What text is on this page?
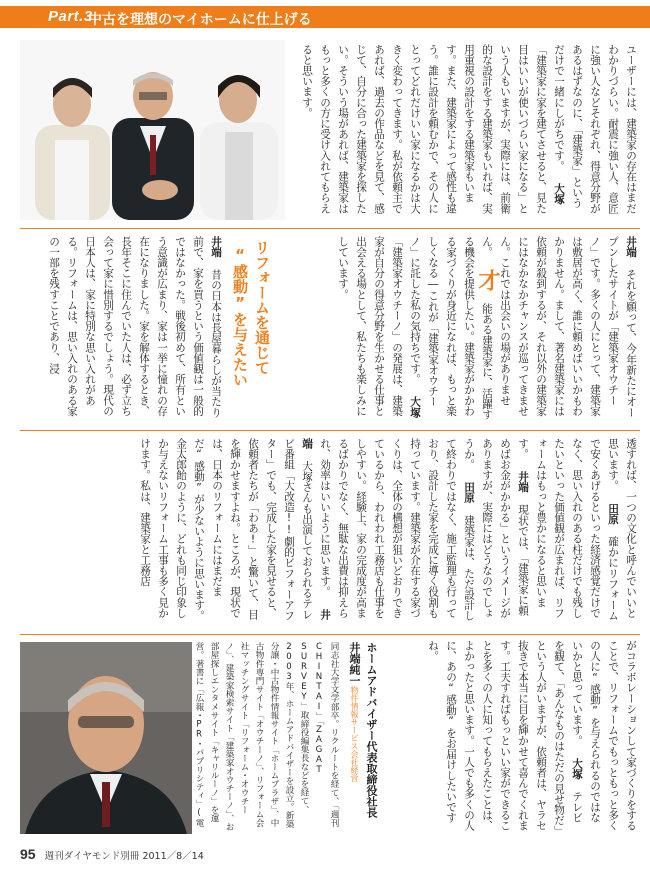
Part.3
中古を理想のマイホームに仕上げる
ユーザーには、建築家の存在はまだわかりづらい。耐震に強い人、意匠に強い人などそれぞれ、得意分野があるはずなのに、「建築家」というだけで一緒にしがちです。 大塚 「建築家に家を建てさせると、見た目はいいが使いづらい家になる」という人もいますが、実際には、前衛的な設計をする建築家もいれば、実用重視の設計をする建築家もいます。また、建築家によって感性も違う。誰に設計を頼むかで、その人にとってどれだけいい家になるかは大きく変わってきます。私が依頼主であれば、過去の作品などを見て、感じて、自分に合った建築家を探したい。そういう場があれば、建築家はもっと多くの方に受け入れてもらえると思います。
井端 それを願って、今年新たにオープンしたサイトが「建築家オウチーノ」です。多くの人にとって、建築家は敷居が高く、誰に頼めばいいかもわかりません。まして、著名建築家には依頼が殺到するが、それ以外の建築家にはなかなかチャンスが巡ってきません。これでは出会いの場がありません。 才 能ある建築家に、活躍する機会を提供したい。建築家がかかわる家づくりが身近になれば、もっと楽しくなる―これが「建築家オウチーノ」に託した私の気持ちです。 大塚 「建築家オウチーノ」の発展は、建築家が自分の得意分野を生かせる仕事と出会える場として、私たちも楽しみにしています。
リフォームを通じて
“感動”を与えたい
井端 昔の日本は長屋暮らしが当たり前で、家を買うという価値観は一般的ではなかった。戦後初めて、所有という意識が広まり、家は一挙に憧れの存在になりました。家を解体するとき、長年そこに住んでいた人は、必ず立ち会って家に惜別するでしょう。現代の日本人は、家に特別な思い入れがある。リフォームは、思い入れのある家の一部を残すことであり、浸
透すれば、一つの文化と呼んでいいと思います。 田原 確かにリフォームで安くあげるといった経済感覚だけでなく、思い入れのある柱だけでも残したいといった価値観が広まれば、リフォームはもっと豊かになると思います。 井端 現状では、「建築家に頼めばお金がかかる」というイメージがありますが、実際にはどうなのでしょうか。 田原 建築家は、ただ設計して終わりではなく、施工監理も行っており、設計した家を完成に導く役割も持っています。建築家が介在する家づくりは、全体の構想が狙いどおりできているから、われわれ工務店も仕事をしやすい。経験上、家の完成度が高まるばかりでなく、無駄な出費は抑えられ、効率はいいように思います。 井端 大塚さんも出演しておられるテレビ番組「大改造!!劇的ビフォーアフター」でも、完成した家を見せると、依頼者たちが「わあ!」と驚いて、目を輝かせますよね。ところが、現状では、日本のリフォームにはまだまだ“感動”が少ないように思います。金太郎飴のように、どれも同じ印象しか与えないリフォーム工事も多く見かけます。私は、建築家と工務店
がコラボレーションして家づくりをすることで、リフォームでもっともっと多くの人に“感動”を与えられるのではないかと思っています。 大塚 テレビを観て、「あんなものはただの見せ物だ」という人がいますが、依頼者は、ヤラセ抜きで本当に目を輝かせて喜んでくれます。工夫すればもっといい家ができることを多くの人に知ってもらえたことは、よかったと思います。一人でも多くの人に、あの“感動”をお届けしたいですね。
ホームアドバイザー代表取締役社長
井端純一物件情報サービス会社経営
同志社大学文学部卒。リクルートを経て、「週刊CHINTAI」「ZAGAT SURVEY」取締役編集長などを経て、2003年、ホームアドバイザーを設立。新築分譲・中古物件情報サイト「ホームプラザ」、中古物件専門サイト「オウチーノ」、リフォーム会社マッチングサイト「リフォーム・オウチーノ」、建築家検索サイト「建築家オウチーノ」、お部屋探しエンタメサイト「キャリルーノ」を運営。著書に「広報・PR・パブリシティ」(電
95 週刊ダイヤモンド別冊 2011／8／14
